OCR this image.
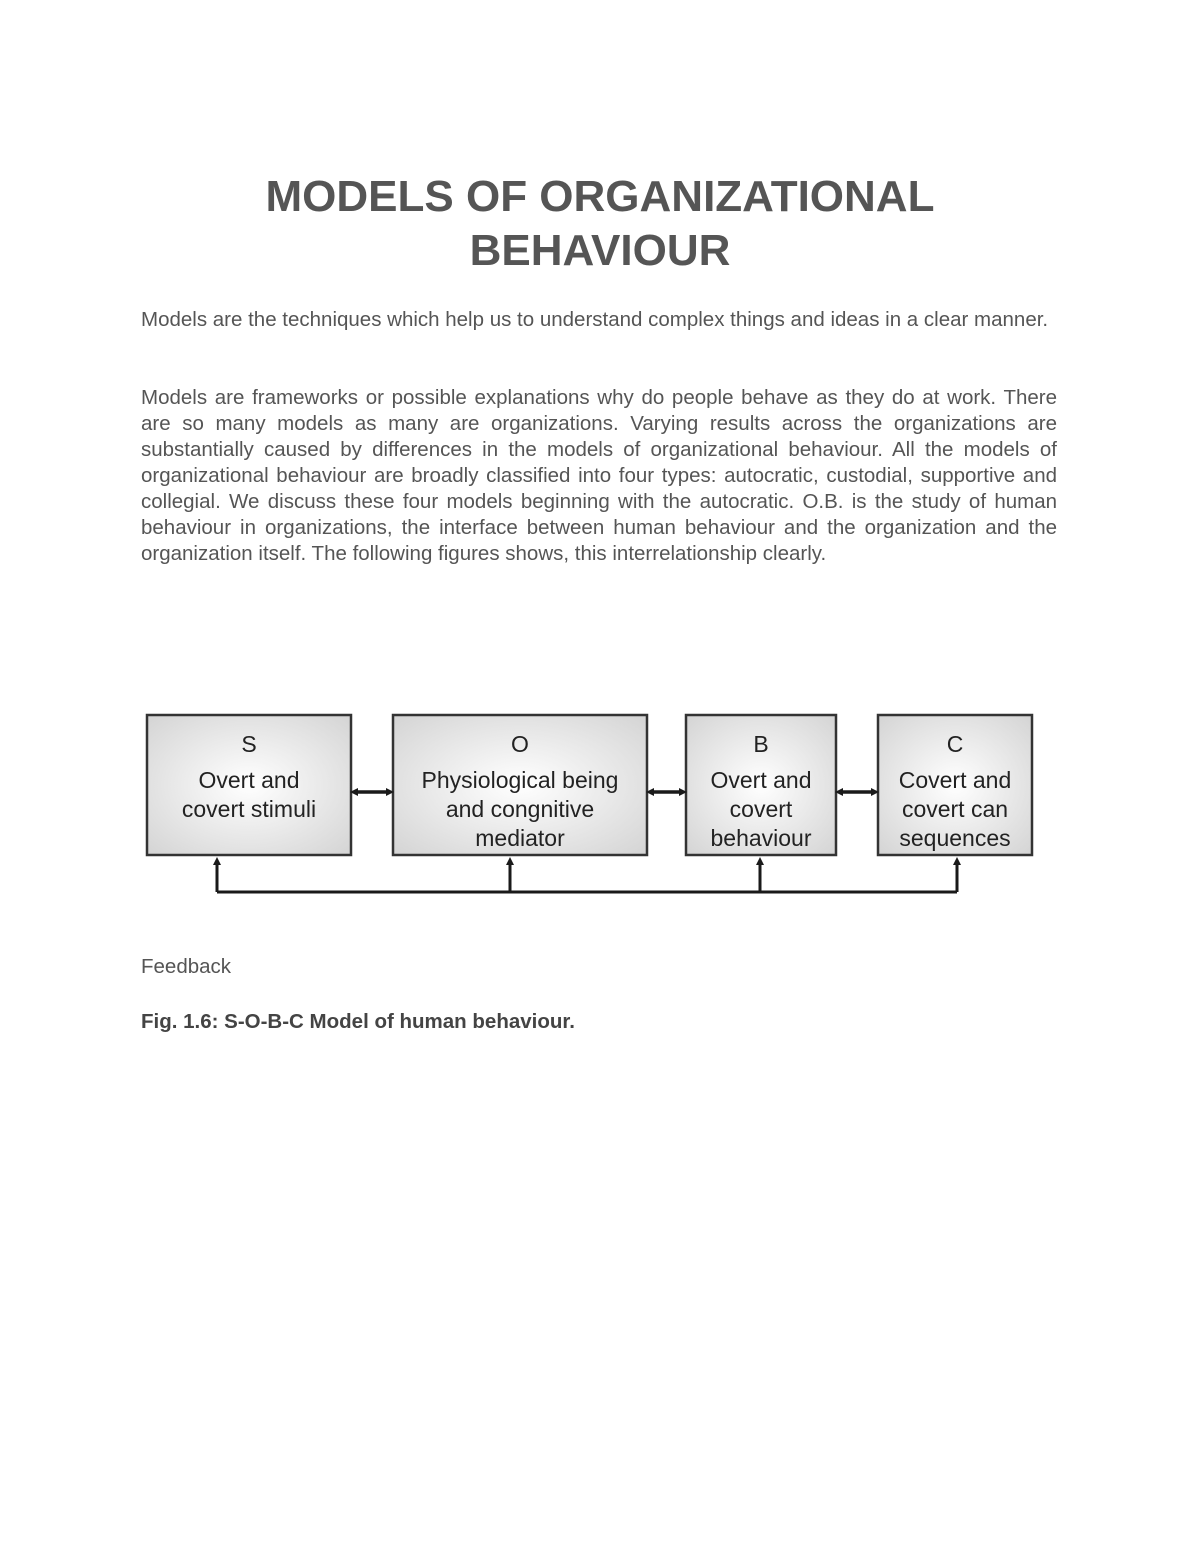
MODELS OF ORGANIZATIONAL BEHAVIOUR

Models are the techniques which help us to understand complex things and ideas in a clear manner.

Models are frameworks or possible explanations why do people behave as they do at work. There are so many models as many are organizations. Varying results across the organizations are substantially caused by differences in the models of organizational behaviour. All the models of organizational behaviour are broadly classified into four types: autocratic, custodial, supportive and collegial. We discuss these four models beginning with the autocratic. O.B. is the study of human behaviour in organizations, the interface between human behaviour and the organization and the organization itself. The following figures shows, this interrelationship clearly.

S
Overt and
covert stimuli
O
Physiological being
and congnitive
mediator
B
Overt and
covert
behaviour
C
Covert and
covert can
sequences

Feedback

Fig. 1.6: S-O-B-C Model of human behaviour.
